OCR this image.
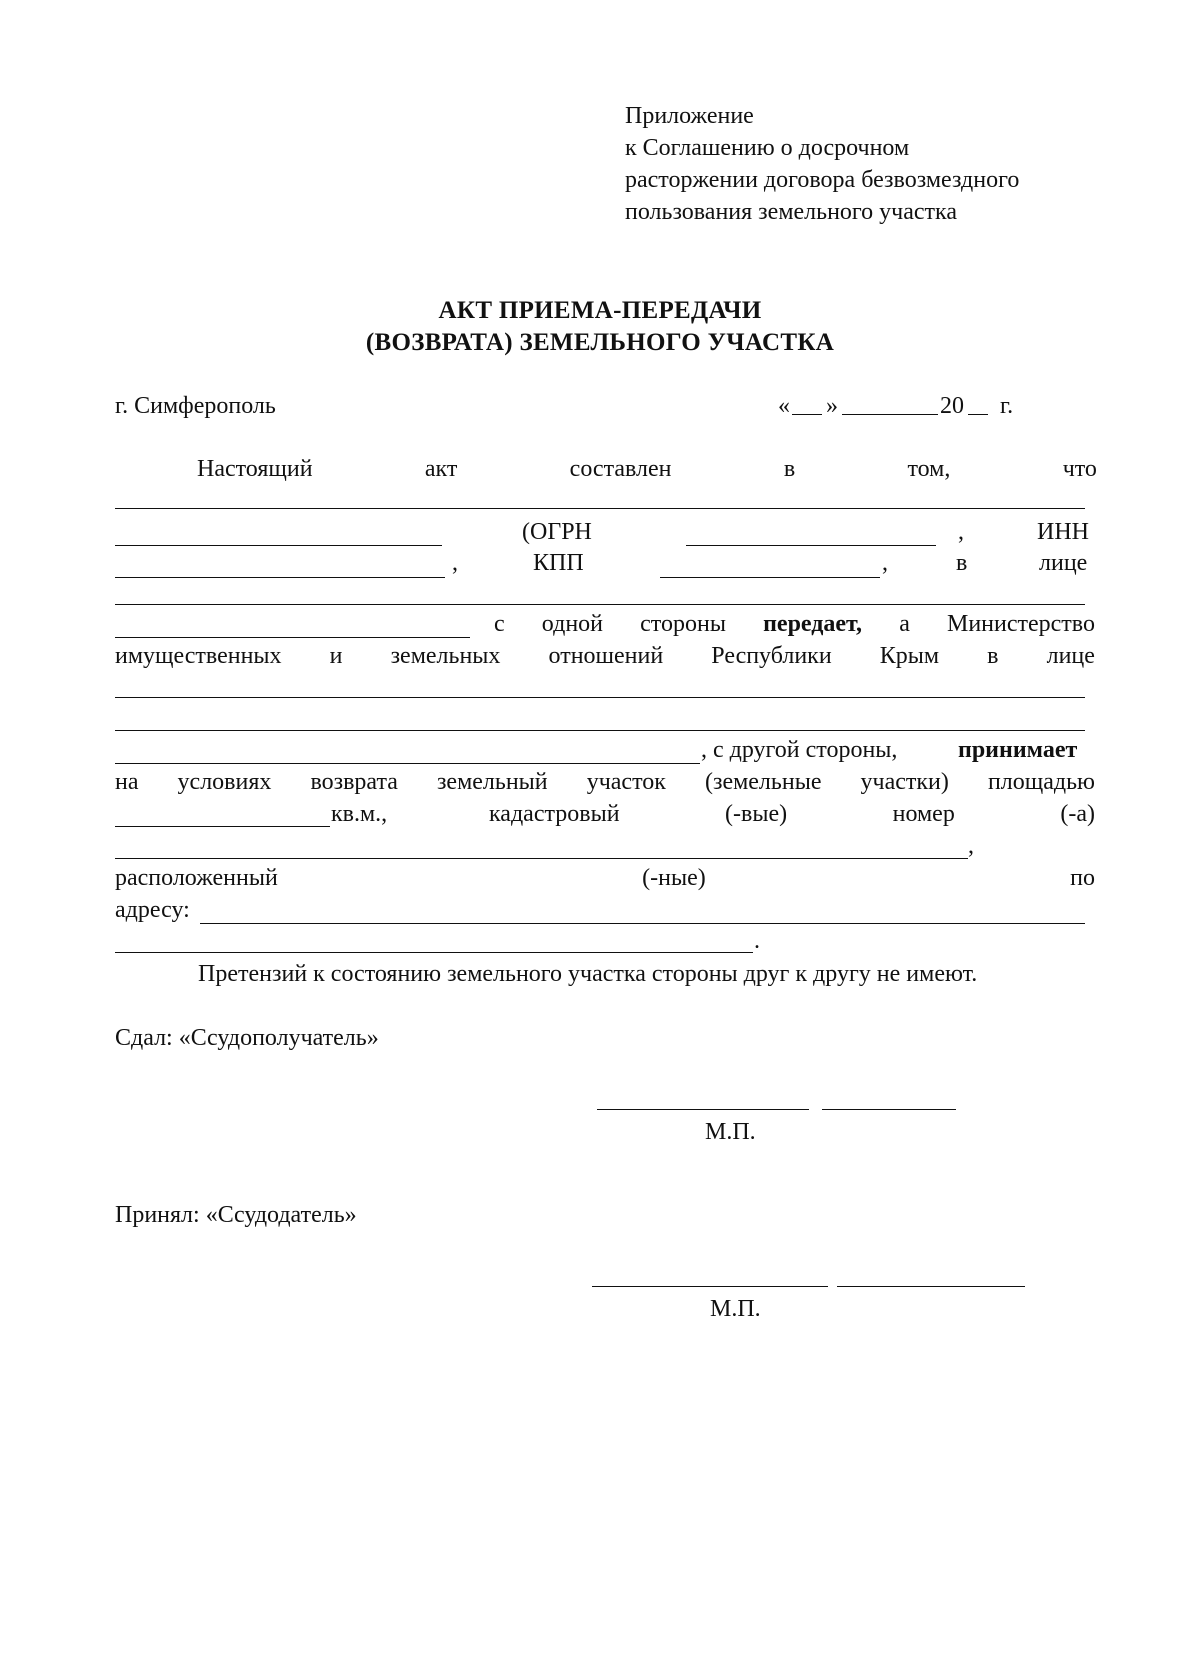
Приложение
к Соглашению о досрочном
расторжении договора безвозмездного
пользования земельного участка
АКТ ПРИЕМА-ПЕРЕДАЧИ
(ВОЗВРАТА) ЗЕМЕЛЬНОГО УЧАСТКА
г. Симферополь	« »	20 г.
Настоящий	акт	составлен	в	том,	что
(ОГРН	,	ИНН
,	КПП	,	в	лице
с одной стороны передает, а Министерство
имущественных и земельных отношений Республики Крым в лице
, с другой стороны,	принимает
на условиях возврата земельный участок (земельные участки) площадью
кв.м.,	кадастровый	(-вые)	номер	(-а)
,
расположенный	(-ные)	по
адресу:
.
Претензий к состоянию земельного участка стороны друг к другу не имеют.
Сдал: «Ссудополучатель»
М.П.
Принял: «Ссудодатель»
М.П.
